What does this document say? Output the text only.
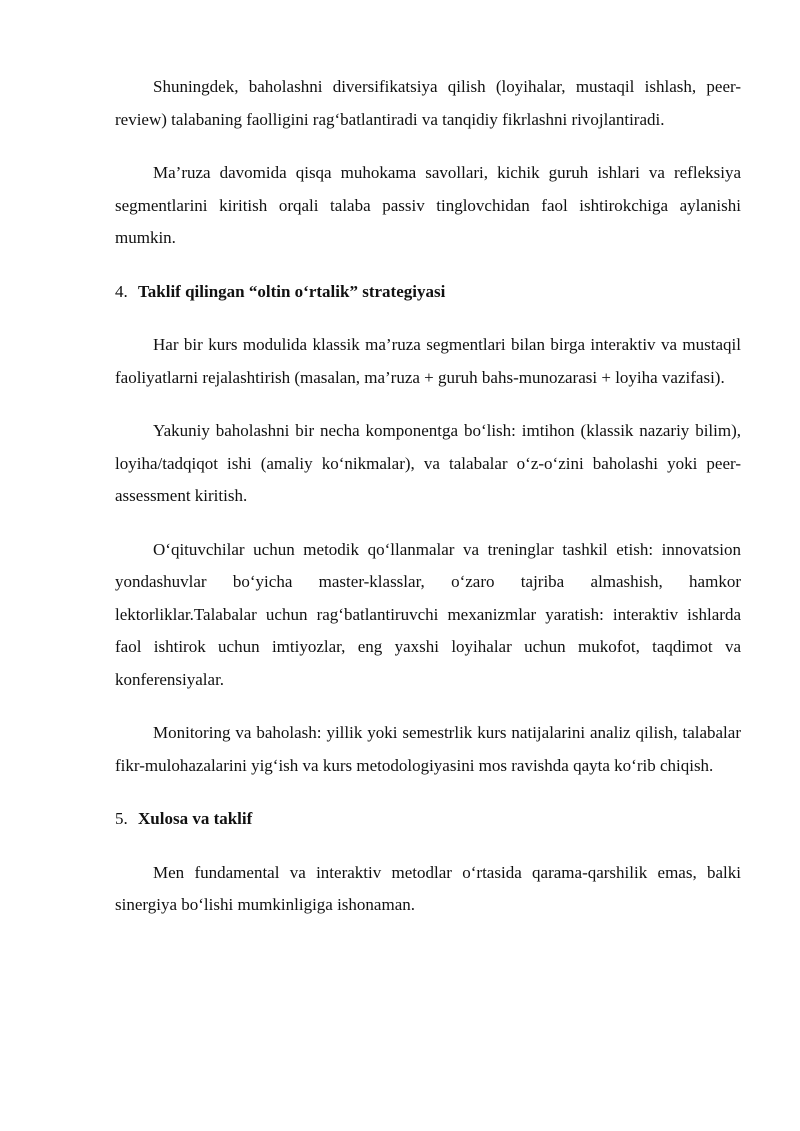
Shuningdek, baholashni diversifikatsiya qilish (loyihalar, mustaqil ishlash, peer-review) talabaning faolligini rag‘batlantiradi va tanqidiy fikrlashni rivojlantiradi.

Ma’ruza davomida qisqa muhokama savollari, kichik guruh ishlari va refleksiya segmentlarini kiritish orqali talaba passiv tinglovchidan faol ishtirokchiga aylanishi mumkin.

4. Taklif qilingan “oltin o‘rtalik” strategiyasi

Har bir kurs modulida klassik ma’ruza segmentlari bilan birga interaktiv va mustaqil faoliyatlarni rejalashtirish (masalan, ma’ruza + guruh bahs-munozarasi + loyiha vazifasi).

Yakuniy baholashni bir necha komponentga bo‘lish: imtihon (klassik nazariy bilim), loyiha/tadqiqot ishi (amaliy ko‘nikmalar), va talabalar o‘z-o‘zini baholashi yoki peer-assessment kiritish.

O‘qituvchilar uchun metodik qo‘llanmalar va treninglar tashkil etish: innovatsion yondashuvlar bo‘yicha master-klasslar, o‘zaro tajriba almashish, hamkor lektorliklar.Talabalar uchun rag‘batlantiruvchi mexanizmlar yaratish: interaktiv ishlarda faol ishtirok uchun imtiyozlar, eng yaxshi loyihalar uchun mukofot, taqdimot va konferensiyalar.

Monitoring va baholash: yillik yoki semestrlik kurs natijalarini analiz qilish, talabalar fikr-mulohazalarini yig‘ish va kurs metodologiyasini mos ravishda qayta ko‘rib chiqish.

5. Xulosa va taklif

Men fundamental va interaktiv metodlar o‘rtasida qarama-qarshilik emas, balki sinergiya bo‘lishi mumkinligiga ishonaman.
